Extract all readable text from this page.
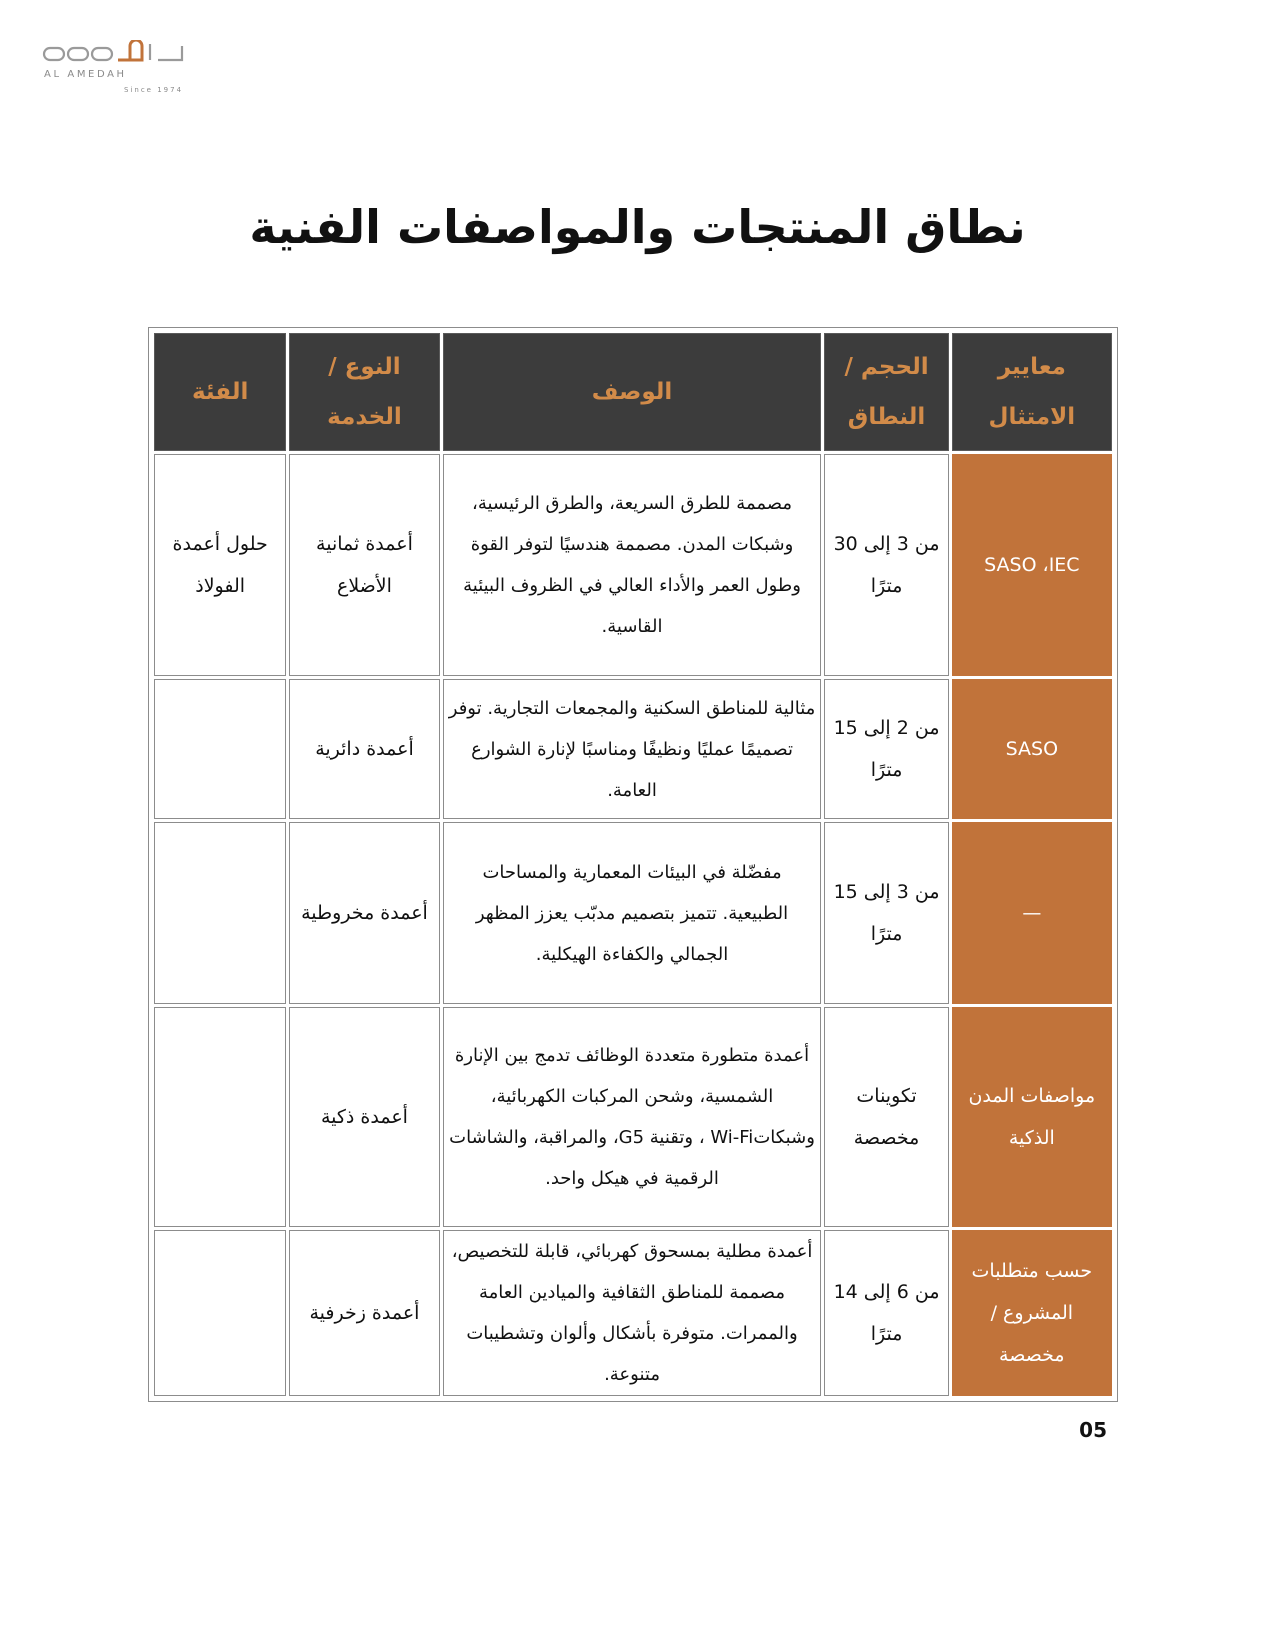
AL AMEDAH
Since 1974
نطاق المنتجات والمواصفات الفنية
معايير الامتثال	الحجم / النطاق	الوصف	النوع / الخدمة	الفئة
SASO ،IEC	من 3 إلى 30 مترًا	مصممة للطرق السريعة، والطرق الرئيسية، وشبكات المدن. مصممة هندسيًا لتوفر القوة وطول العمر والأداء العالي في الظروف البيئية القاسية.	أعمدة ثمانية الأضلاع	حلول أعمدة الفولاذ
SASO	من 2 إلى 15 مترًا	مثالية للمناطق السكنية والمجمعات التجارية. توفر تصميمًا عمليًا ونظيفًا ومناسبًا لإنارة الشوارع العامة.	أعمدة دائرية	
—	من 3 إلى 15 مترًا	مفضّلة في البيئات المعمارية والمساحات الطبيعية. تتميز بتصميم مدبّب يعزز المظهر الجمالي والكفاءة الهيكلية.	أعمدة مخروطية	
مواصفات المدن الذكية	تكوينات مخصصة	أعمدة متطورة متعددة الوظائف تدمج بين الإنارة الشمسية، وشحن المركبات الكهربائية، وشبكاتWi-Fi ، وتقنية G5، والمراقبة، والشاشات الرقمية في هيكل واحد.	أعمدة ذكية	
حسب متطلبات المشروع / مخصصة	من 6 إلى 14 مترًا	أعمدة مطلية بمسحوق كهربائي، قابلة للتخصيص، مصممة للمناطق الثقافية والميادين العامة والممرات. متوفرة بأشكال وألوان وتشطيبات متنوعة.	أعمدة زخرفية	
05
